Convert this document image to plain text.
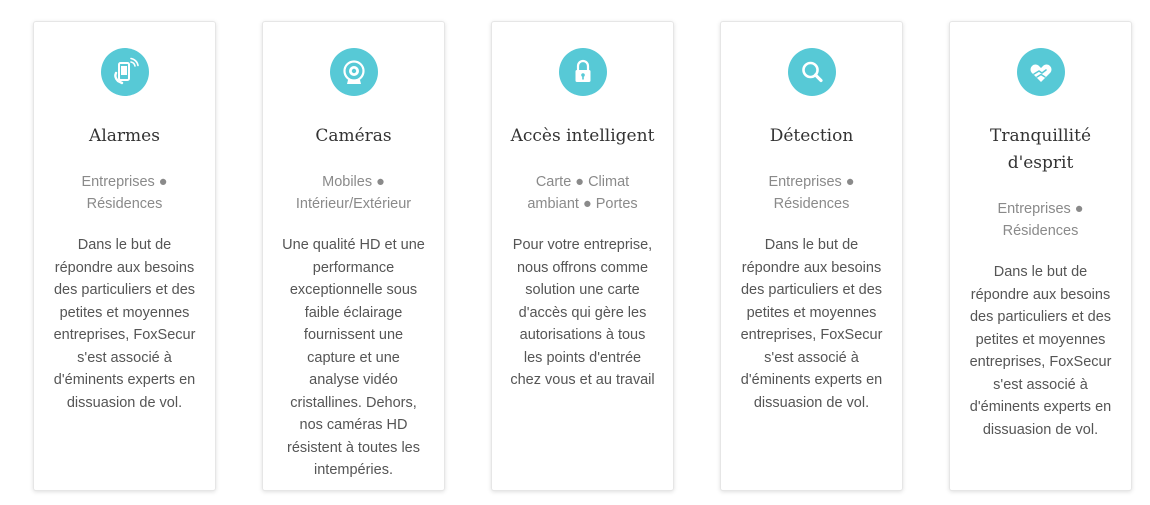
Alarmes

Entreprises ●
Résidences

Dans le but de
répondre aux besoins
des particuliers et des
petites et moyennes
entreprises, FoxSecur
s'est associé à
d'éminents experts en
dissuasion de vol.

Caméras

Mobiles ●
Intérieur/Extérieur

Une qualité HD et une
performance
exceptionnelle sous
faible éclairage
fournissent une
capture et une
analyse vidéo
cristallines. Dehors,
nos caméras HD
résistent à toutes les
intempéries.

Accès intelligent

Carte ● Climat
ambiant ● Portes

Pour votre entreprise,
nous offrons comme
solution une carte
d'accès qui gère les
autorisations à tous
les points d'entrée
chez vous et au travail

Détection

Entreprises ●
Résidences

Dans le but de
répondre aux besoins
des particuliers et des
petites et moyennes
entreprises, FoxSecur
s'est associé à
d'éminents experts en
dissuasion de vol.

Tranquillité
d'esprit

Entreprises ●
Résidences

Dans le but de
répondre aux besoins
des particuliers et des
petites et moyennes
entreprises, FoxSecur
s'est associé à
d'éminents experts en
dissuasion de vol.
